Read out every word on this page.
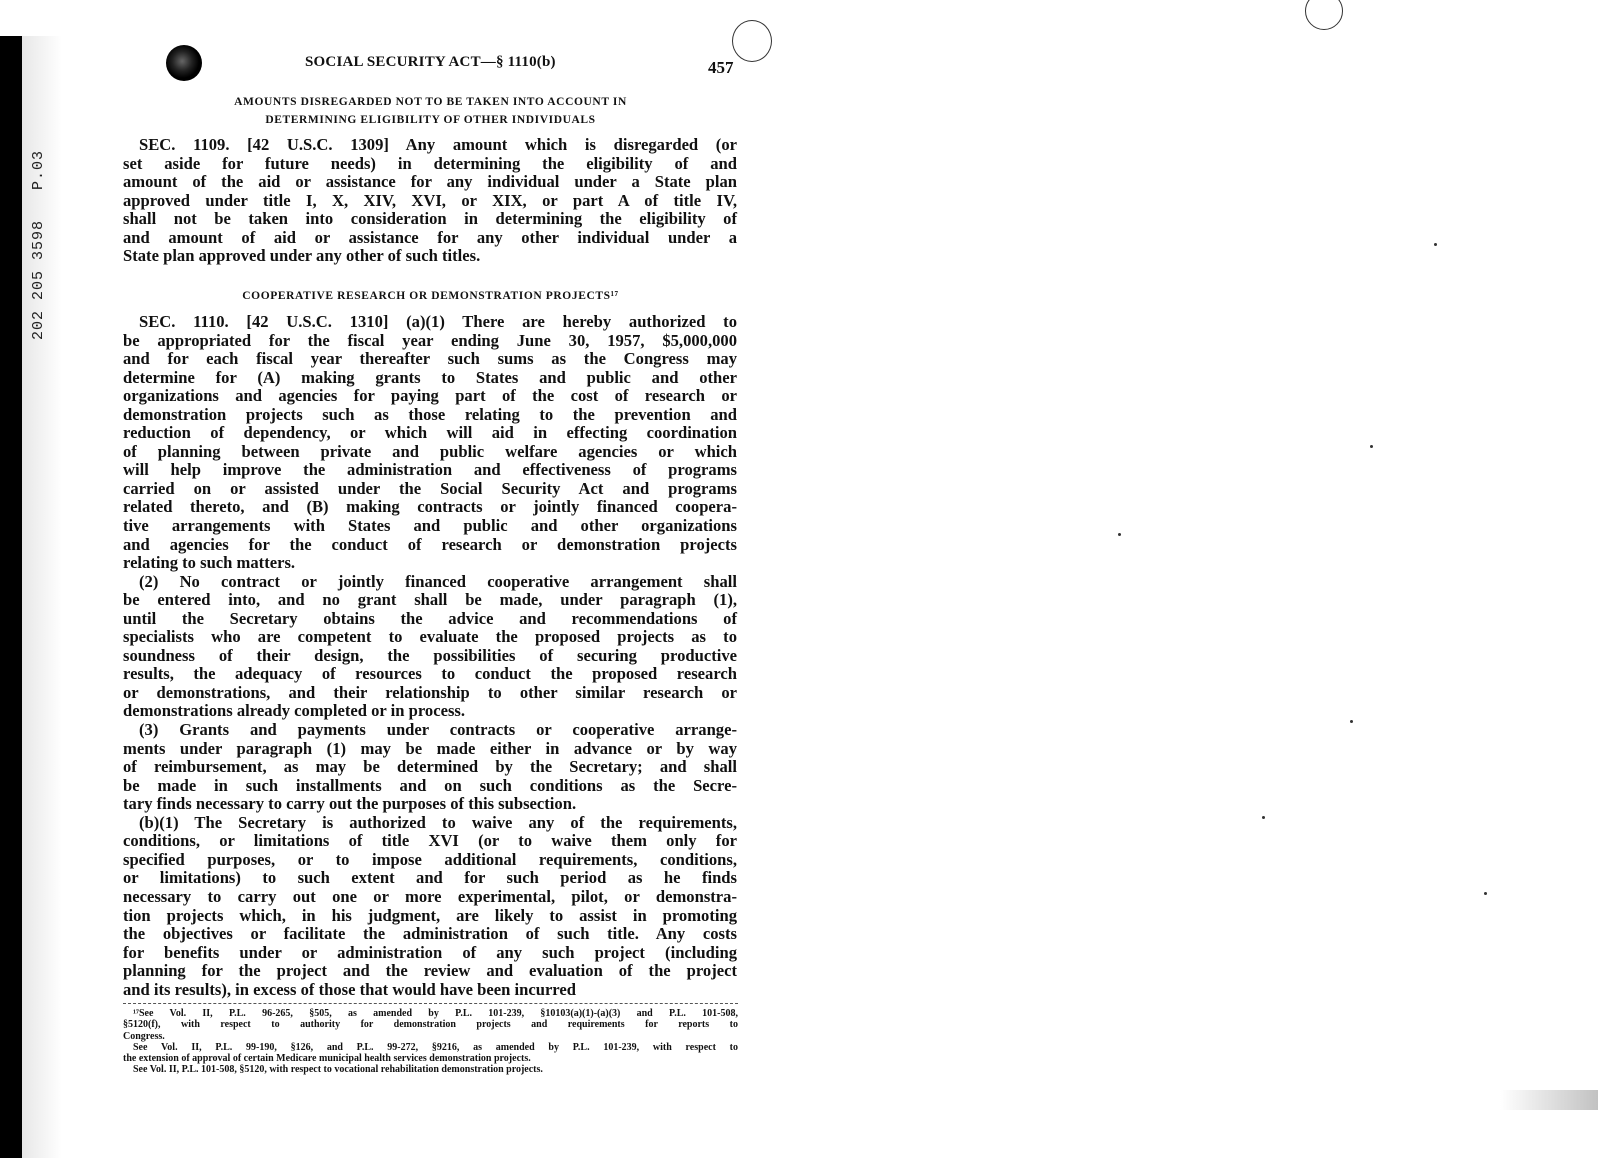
202 205 3598   P.03
SOCIAL SECURITY ACT—§ 1110(b)	457
AMOUNTS DISREGARDED NOT TO BE TAKEN INTO ACCOUNT IN
DETERMINING ELIGIBILITY OF OTHER INDIVIDUALS
SEC. 1109. [42 U.S.C. 1309] Any amount which is disregarded (or
set aside for future needs) in determining the eligibility of and
amount of the aid or assistance for any individual under a State plan
approved under title I, X, XIV, XVI, or XIX, or part A of title IV,
shall not be taken into consideration in determining the eligibility of
and amount of aid or assistance for any other individual under a
State plan approved under any other of such titles.
COOPERATIVE RESEARCH OR DEMONSTRATION PROJECTS¹⁷
SEC. 1110. [42 U.S.C. 1310] (a)(1) There are hereby authorized to
be appropriated for the fiscal year ending June 30, 1957, $5,000,000
and for each fiscal year thereafter such sums as the Congress may
determine for (A) making grants to States and public and other
organizations and agencies for paying part of the cost of research or
demonstration projects such as those relating to the prevention and
reduction of dependency, or which will aid in effecting coordination
of planning between private and public welfare agencies or which
will help improve the administration and effectiveness of programs
carried on or assisted under the Social Security Act and programs
related thereto, and (B) making contracts or jointly financed coopera-
tive arrangements with States and public and other organizations
and agencies for the conduct of research or demonstration projects
relating to such matters.
(2) No contract or jointly financed cooperative arrangement shall
be entered into, and no grant shall be made, under paragraph (1),
until the Secretary obtains the advice and recommendations of
specialists who are competent to evaluate the proposed projects as to
soundness of their design, the possibilities of securing productive
results, the adequacy of resources to conduct the proposed research
or demonstrations, and their relationship to other similar research or
demonstrations already completed or in process.
(3) Grants and payments under contracts or cooperative arrange-
ments under paragraph (1) may be made either in advance or by way
of reimbursement, as may be determined by the Secretary; and shall
be made in such installments and on such conditions as the Secre-
tary finds necessary to carry out the purposes of this subsection.
(b)(1) The Secretary is authorized to waive any of the requirements,
conditions, or limitations of title XVI (or to waive them only for
specified purposes, or to impose additional requirements, conditions,
or limitations) to such extent and for such period as he finds
necessary to carry out one or more experimental, pilot, or demonstra-
tion projects which, in his judgment, are likely to assist in promoting
the objectives or facilitate the administration of such title. Any costs
for benefits under or administration of any such project (including
planning for the project and the review and evaluation of the project
and its results), in excess of those that would have been incurred
¹⁷See Vol. II, P.L. 96-265, §505, as amended by P.L. 101-239, §10103(a)(1)-(a)(3) and P.L. 101-508,
§5120(f), with respect to authority for demonstration projects and requirements for reports to
Congress.
See Vol. II, P.L. 99-190, §126, and P.L. 99-272, §9216, as amended by P.L. 101-239, with respect to
the extension of approval of certain Medicare municipal health services demonstration projects.
See Vol. II, P.L. 101-508, §5120, with respect to vocational rehabilitation demonstration projects.
